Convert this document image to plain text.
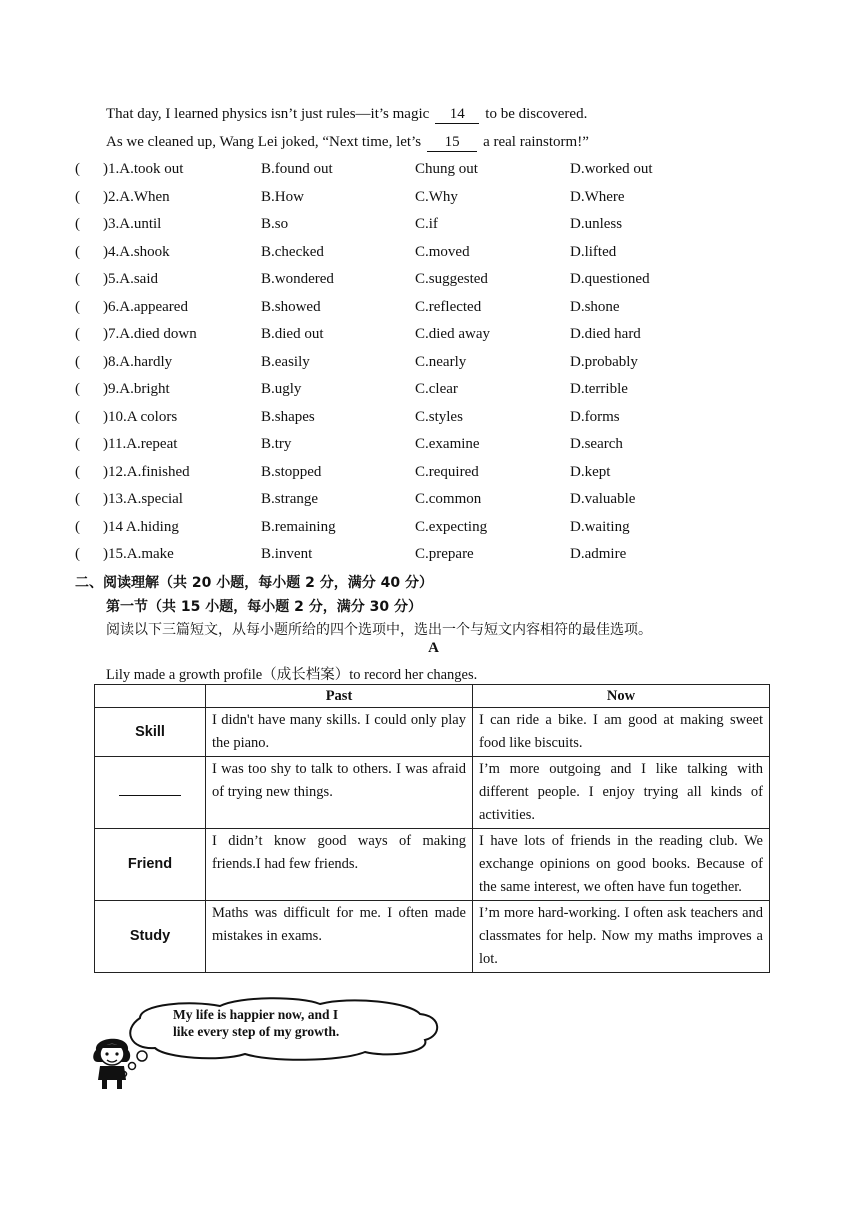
That day, I learned physics isn’t just rules—it’s magic 14 to be discovered.
As we cleaned up, Wang Lei joked, “Next time, let’s 15 a real rainstorm!”
( )1.A.took out	B.found out	Chung out	D.worked out
( )2.A.When	B.How	C.Why	D.Where
( )3.A.until	B.so	C.if	D.unless
( )4.A.shook	B.checked	C.moved	D.lifted
( )5.A.said	B.wondered	C.suggested	D.questioned
( )6.A.appeared	B.showed	C.reflected	D.shone
( )7.A.died down	B.died out	C.died away	D.died hard
( )8.A.hardly	B.easily	C.nearly	D.probably
( )9.A.bright	B.ugly	C.clear	D.terrible
( )10.A colors	B.shapes	C.styles	D.forms
( )11.A.repeat	B.try	C.examine	D.search
( )12.A.finished	B.stopped	C.required	D.kept
( )13.A.special	B.strange	C.common	D.valuable
( )14 A.hiding	B.remaining	C.expecting	D.waiting
( )15.A.make	B.invent	C.prepare	D.admire
二、阅读理解（共 20 小题，每小题 2 分，满分 40 分）
第一节（共 15 小题，每小题 2 分，满分 30 分）
阅读以下三篇短文，从每小题所给的四个选项中，选出一个与短文内容相符的最佳选项。
A
Lily made a growth profile（成长档案）to record her changes.
	Past	Now
Skill	I didn't have many skills. I could only play the piano.	I can ride a bike. I am good at making sweet food like biscuits.
	I was too shy to talk to others. I was afraid of trying new things.	I’m more outgoing and I like talking with different people. I enjoy trying all kinds of activities.
Friend	I didn’t know good ways of making friends.I had few friends.	I have lots of friends in the reading club. We exchange opinions on good books. Because of the same interest, we often have fun together.
Study	Maths was difficult for me. I often made mistakes in exams.	I’m more hard-working. I often ask teachers and classmates for help. Now my maths improves a lot.
My life is happier now, and I
like every step of my growth.
